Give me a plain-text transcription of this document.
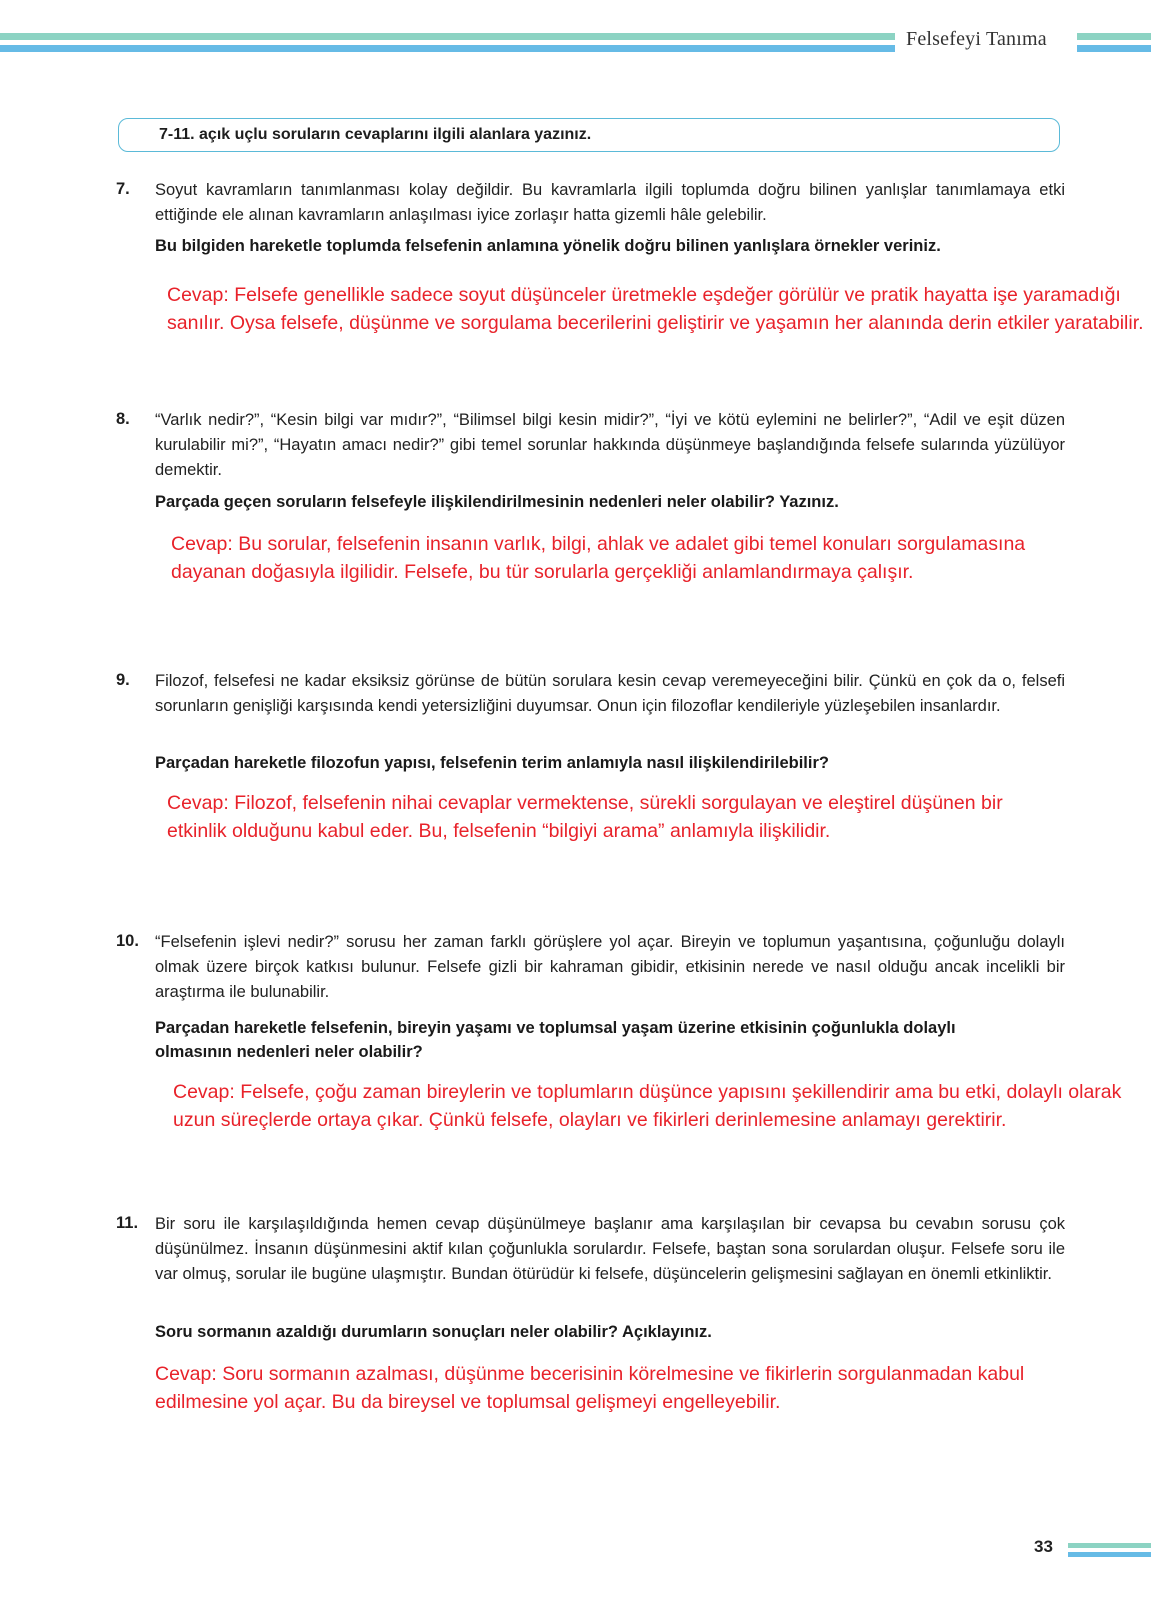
Felsefeyi Tanıma
7-11. açık uçlu soruların cevaplarını ilgili alanlara yazınız.
7. Soyut kavramların tanımlanması kolay değildir. Bu kavramlarla ilgili toplumda doğru bilinen yanlışlar tanımlamaya etki ettiğinde ele alınan kavramların anlaşılması iyice zorlaşır hatta gizemli hâle gelebilir.
Bu bilgiden hareketle toplumda felsefenin anlamına yönelik doğru bilinen yanlışlara örnekler veriniz.
Cevap: Felsefe genellikle sadece soyut düşünceler üretmekle eşdeğer görülür ve pratik hayatta işe yaramadığı sanılır. Oysa felsefe, düşünme ve sorgulama becerilerini geliştirir ve yaşamın her alanında derin etkiler yaratabilir.
8. “Varlık nedir?”, “Kesin bilgi var mıdır?”, “Bilimsel bilgi kesin midir?”, “İyi ve kötü eylemini ne belirler?”, “Adil ve eşit düzen kurulabilir mi?”, “Hayatın amacı nedir?” gibi temel sorunlar hakkında düşünmeye başlandığında felsefe sularında yüzülüyor demektir.
Parçada geçen soruların felsefeyle ilişkilendirilmesinin nedenleri neler olabilir? Yazınız.
Cevap: Bu sorular, felsefenin insanın varlık, bilgi, ahlak ve adalet gibi temel konuları sorgulamasına dayanan doğasıyla ilgilidir. Felsefe, bu tür sorularla gerçekliği anlamlandırmaya çalışır.
9. Filozof, felsefesi ne kadar eksiksiz görünse de bütün sorulara kesin cevap veremeyeceğini bilir. Çünkü en çok da o, felsefi sorunların genişliği karşısında kendi yetersizliğini duyumsar. Onun için filozoflar kendileriyle yüzleşebilen insanlardır.
Parçadan hareketle filozofun yapısı, felsefenin terim anlamıyla nasıl ilişkilendirilebilir?
Cevap: Filozof, felsefenin nihai cevaplar vermektense, sürekli sorgulayan ve eleştirel düşünen bir etkinlik olduğunu kabul eder. Bu, felsefenin “bilgiyi arama” anlamıyla ilişkilidir.
10. “Felsefenin işlevi nedir?” sorusu her zaman farklı görüşlere yol açar. Bireyin ve toplumun yaşantısına, çoğunluğu dolaylı olmak üzere birçok katkısı bulunur. Felsefe gizli bir kahraman gibidir, etkisinin nerede ve nasıl olduğu ancak incelikli bir araştırma ile bulunabilir.
Parçadan hareketle felsefenin, bireyin yaşamı ve toplumsal yaşam üzerine etkisinin çoğunlukla dolaylı olmasının nedenleri neler olabilir?
Cevap: Felsefe, çoğu zaman bireylerin ve toplumların düşünce yapısını şekillendirir ama bu etki, dolaylı olarak uzun süreçlerde ortaya çıkar. Çünkü felsefe, olayları ve fikirleri derinlemesine anlamayı gerektirir.
11. Bir soru ile karşılaşıldığında hemen cevap düşünülmeye başlanır ama karşılaşılan bir cevapsa bu cevabın sorusu çok düşünülmez. İnsanın düşünmesini aktif kılan çoğunlukla sorulardır. Felsefe, baştan sona sorulardan oluşur. Felsefe soru ile var olmuş, sorular ile bugüne ulaşmıştır. Bundan ötürüdür ki felsefe, düşüncelerin gelişmesini sağlayan en önemli etkinliktir.
Soru sormanın azaldığı durumların sonuçları neler olabilir? Açıklayınız.
Cevap: Soru sormanın azalması, düşünme becerisinin körelmesine ve fikirlerin sorgulanmadan kabul edilmesine yol açar. Bu da bireysel ve toplumsal gelişmeyi engelleyebilir.
33
